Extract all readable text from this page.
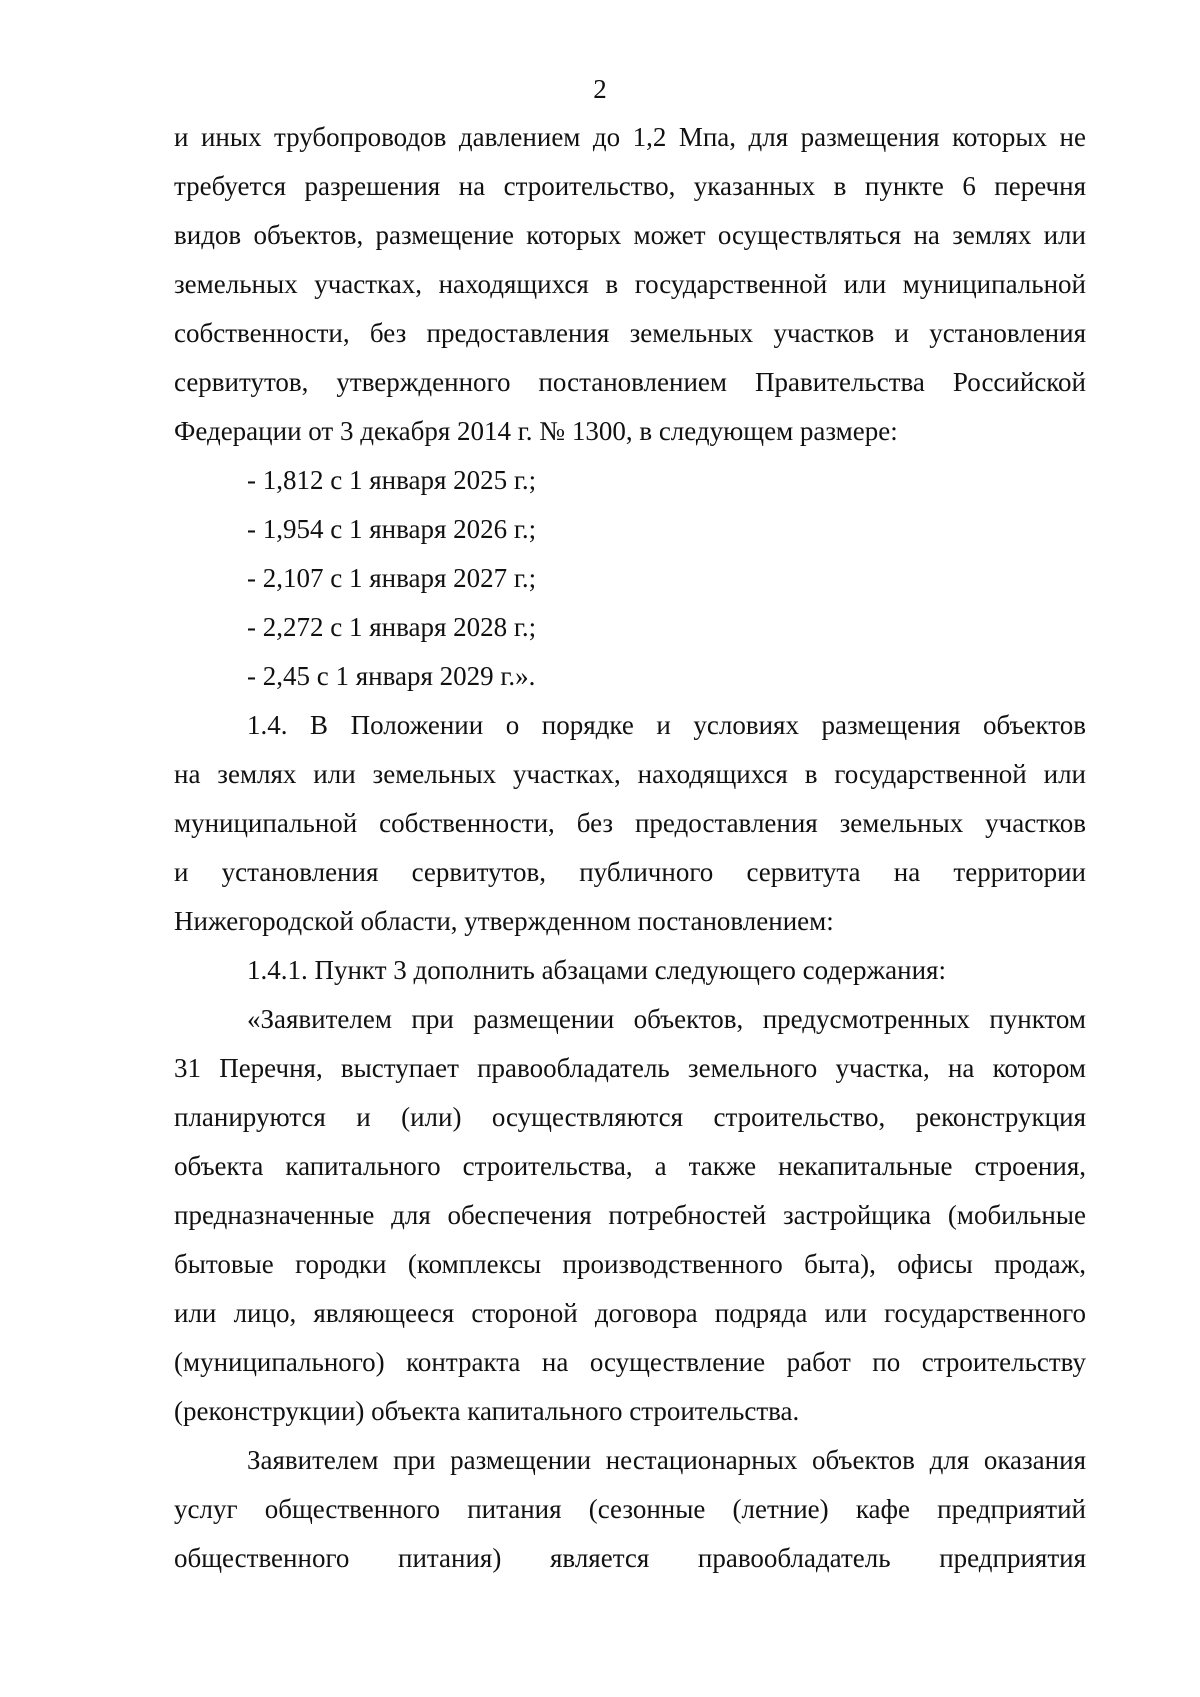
2
и иных трубопроводов давлением до 1,2 Мпа, для размещения которых не
требуется разрешения на строительство, указанных в пункте 6 перечня
видов объектов, размещение которых может осуществляться на землях или
земельных участках, находящихся в государственной или муниципальной
собственности, без предоставления земельных участков и установления
сервитутов, утвержденного постановлением Правительства Российской
Федерации от 3 декабря 2014 г. № 1300, в следующем размере:
- 1,812 с 1 января 2025 г.;
- 1,954 с 1 января 2026 г.;
- 2,107 с 1 января 2027 г.;
- 2,272 с 1 января 2028 г.;
- 2,45 с 1 января 2029 г.».
1.4. В Положении о порядке и условиях размещения объектов
на землях или земельных участках, находящихся в государственной или
муниципальной собственности, без предоставления земельных участков
и установления сервитутов, публичного сервитута на территории
Нижегородской области, утвержденном постановлением:
1.4.1. Пункт 3 дополнить абзацами следующего содержания:
«Заявителем при размещении объектов, предусмотренных пунктом
31 Перечня, выступает правообладатель земельного участка, на котором
планируются и (или) осуществляются строительство, реконструкция
объекта капитального строительства, а также некапитальные строения,
предназначенные для обеспечения потребностей застройщика (мобильные
бытовые городки (комплексы производственного быта), офисы продаж,
или лицо, являющееся стороной договора подряда или государственного
(муниципального) контракта на осуществление работ по строительству
(реконструкции) объекта капитального строительства.
Заявителем при размещении нестационарных объектов для оказания
услуг общественного питания (сезонные (летние) кафе предприятий
общественного питания) является правообладатель предприятия
